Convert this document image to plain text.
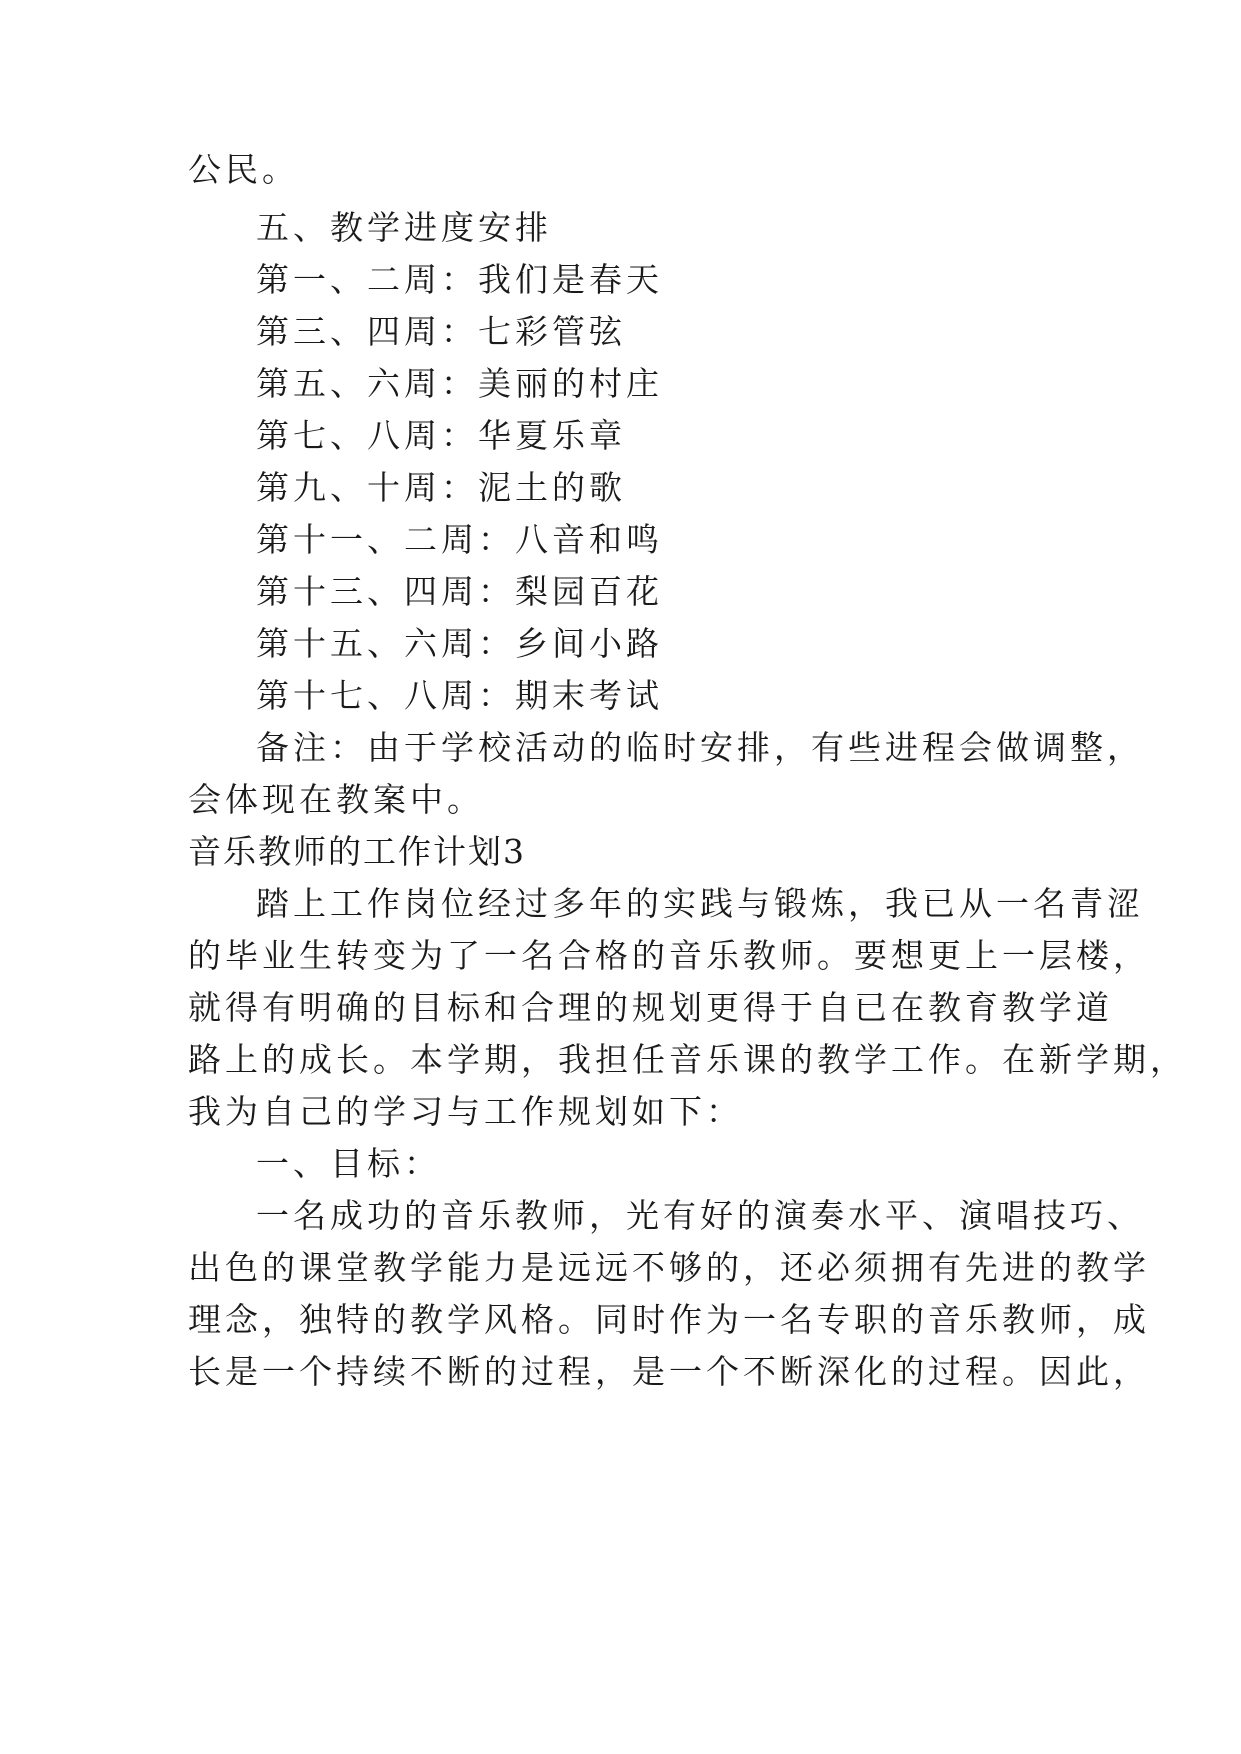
公民。
五、教学进度安排
第一、二周：我们是春天
第三、四周：七彩管弦
第五、六周：美丽的村庄
第七、八周：华夏乐章
第九、十周：泥土的歌
第十一、二周：八音和鸣
第十三、四周：梨园百花
第十五、六周：乡间小路
第十七、八周：期末考试
备注：由于学校活动的临时安排，有些进程会做调整，
会体现在教案中。
音乐教师的工作计划3
踏上工作岗位经过多年的实践与锻炼，我已从一名青涩
的毕业生转变为了一名合格的音乐教师。要想更上一层楼，
就得有明确的目标和合理的规划更得于自已在教育教学道
路上的成长。本学期，我担任音乐课的教学工作。在新学期，
我为自己的学习与工作规划如下：
一、目标：
一名成功的音乐教师，光有好的演奏水平、演唱技巧、
出色的课堂教学能力是远远不够的，还必须拥有先进的教学
理念，独特的教学风格。同时作为一名专职的音乐教师，成
长是一个持续不断的过程，是一个不断深化的过程。因此，
